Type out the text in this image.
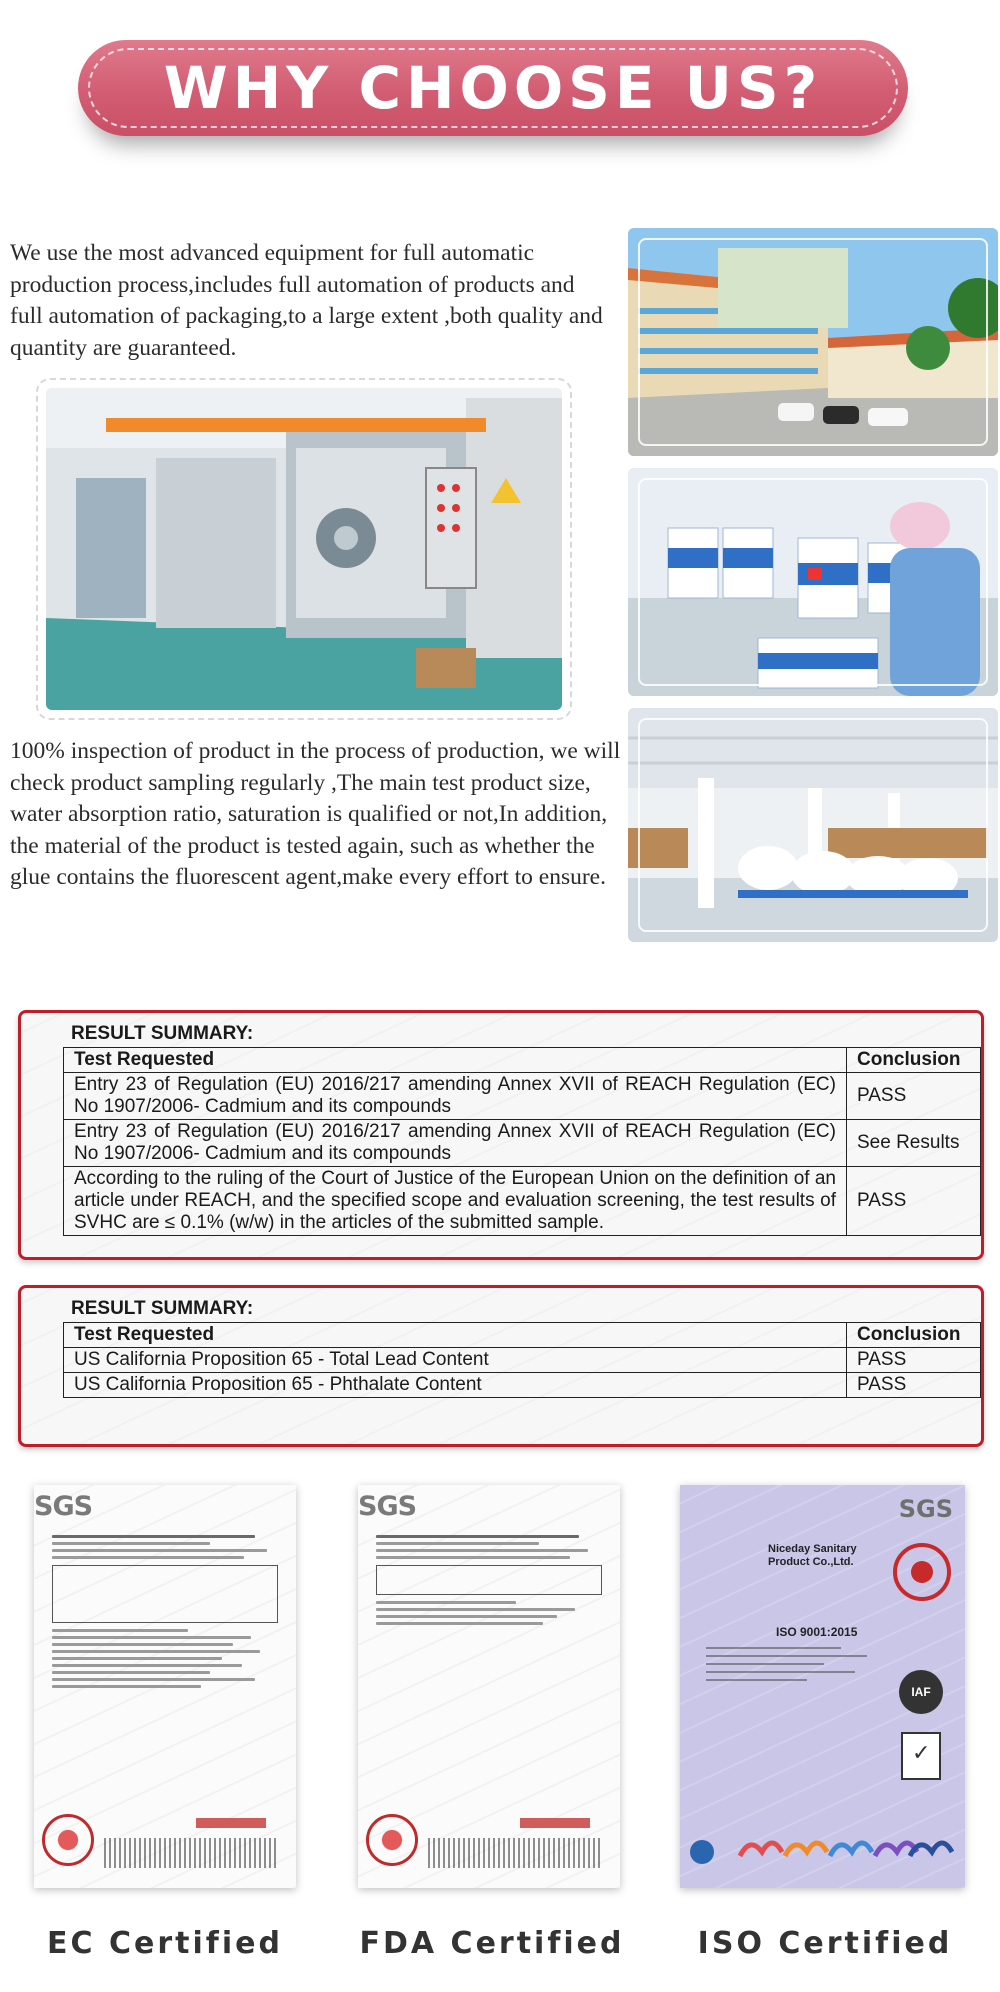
WHY CHOOSE US?

We use the most advanced equipment for full automatic production process,includes full automation of products and full automation of packaging,to a large extent ,both quality and quantity are guaranteed.

100% inspection of product in the process of production, we will check product sampling regularly ,The main test product size, water absorption ratio, saturation is qualified or not,In addition, the material of the product is tested again, such as whether the glue contains the fluorescent agent,make every effort to ensure.

RESULT SUMMARY:
Test Requested	Conclusion
Entry 23 of Regulation (EU) 2016/217 amending Annex XVII of REACH Regulation (EC) No 1907/2006- Cadmium and its compounds	PASS
Entry 23 of Regulation (EU) 2016/217 amending Annex XVII of REACH Regulation (EC) No 1907/2006- Cadmium and its compounds	See Results
According to the ruling of the Court of Justice of the European Union on the definition of an article under REACH, and the specified scope and evaluation screening, the test results of SVHC are ≤ 0.1% (w/w) in the articles of the submitted sample.	PASS
RESULT SUMMARY:
Test Requested	Conclusion
US California Proposition 65 - Total Lead Content	PASS
US California Proposition 65 - Phthalate Content	PASS
SGS	SGS	SGS
Niceday Sanitary Product Co.,Ltd.
ISO 9001:2015
IAF
✓
EC Certified	FDA Certified	ISO Certified
